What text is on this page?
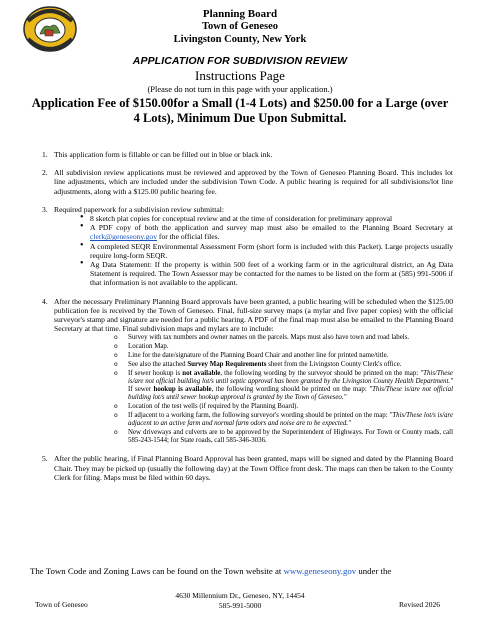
Planning Board
Town of Geneseo
Livingston County, New York
APPLICATION FOR SUBDIVISION REVIEW
Instructions Page
(Please do not turn in this page with your application.)
Application Fee of $150.00for a Small (1-4 Lots) and $250.00 for a Large (over 4 Lots), Minimum Due Upon Submittal.
1. This application form is fillable or can be filled out in blue or black ink.
2. All subdivision review applications must be reviewed and approved by the Town of Geneseo Planning Board. This includes lot line adjustments, which are included under the subdivision Town Code. A public hearing is required for all subdivisions/lot line adjustments, along with a $125.00 public hearing fee.
3. Required paperwork for a subdivision review submittal:
• 8 sketch plat copies for conceptual review and at the time of consideration for preliminary approval
• A PDF copy of both the application and survey map must also be emailed to the Planning Board Secretary at clerk@geneseony.gov for the official files.
• A completed SEQR Environmental Assessment Form (short form is included with this Packet). Large projects usually require long-form SEQR.
• Ag Data Statement: If the property is within 500 feet of a working farm or in the agricultural district, an Ag Data Statement is required. The Town Assessor may be contacted for the names to be listed on the form at (585) 991-5006 if that information is not available to the applicant.
4. After the necessary Preliminary Planning Board approvals have been granted, a public hearing will be scheduled when the $125.00 publication fee is received by the Town of Geneseo. Final, full-size survey maps (a mylar and five paper copies) with the official surveyor's stamp and signature are needed for a public hearing. A PDF of the final map must also be emailed to the Planning Board Secretary at that time. Final subdivision maps and mylars are to include:
o Survey with tax numbers and owner names on the parcels. Maps must also have town and road labels.
o Location Map.
o Line for the date/signature of the Planning Board Chair and another line for printed name/title.
o See also the attached Survey Map Requirements sheet from the Livingston County Clerk's office.
o If sewer hookup is not available, the following wording by the surveyor should be printed on the map: "This/These is/are not official building lot/s until septic approval has been granted by the Livingston County Health Department." If sewer hookup is available, the following wording should be printed on the map: "This/These is/are not official building lot/s until sewer hookup approval is granted by the Town of Geneseo."
o Location of the test wells (if required by the Planning Board).
o If adjacent to a working farm, the following surveyor's wording should be printed on the map: "This/These lot/s is/are adjacent to an active farm and normal farm odors and noise are to be expected."
o New driveways and culverts are to be approved by the Superintendent of Highways. For Town or County roads, call 585-243-1544; for State roads, call 585-346-3036.
5. After the public hearing, if Final Planning Board Approval has been granted, maps will be signed and dated by the Planning Board Chair. They may be picked up (usually the following day) at the Town Office front desk. The maps can then be taken to the County Clerk for filing. Maps must be filed within 60 days.
The Town Code and Zoning Laws can be found on the Town website at www.geneseony.gov under the
Town of Geneseo
4630 Millennium Dr., Geneseo, NY, 14454
585-991-5000	Revised 2026
